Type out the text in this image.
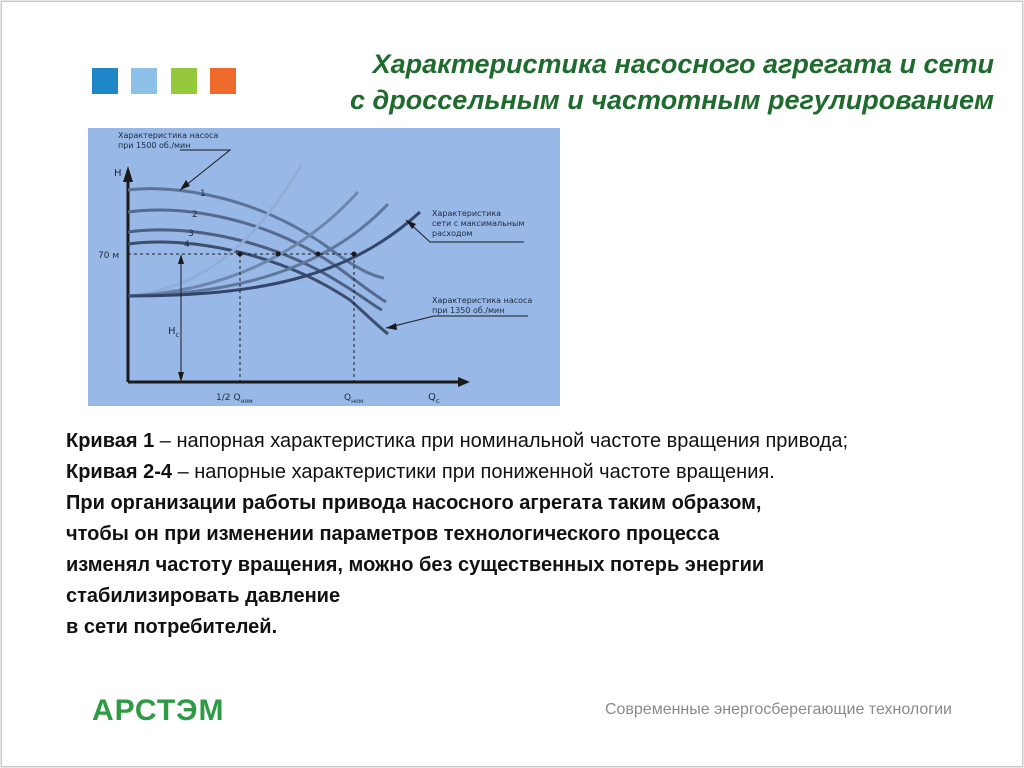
Характеристика насосного агрегата и сети
с дроссельным и частотным регулированием
Характеристика насоса
при 1500 об./мин
Характеристика
сети с максимальным
расходом
Характеристика насоса
при 1350 об./мин
1
2
3
4
H
70 м
$H_с$
1/2 $Q_{ном}$	$Q_{ном}$	$Q_с$

Кривая 1 – напорная характеристика при номинальной частоте вращения привода;

Кривая 2-4 – напорные характеристики при пониженной частоте вращения.

При организации работы привода насосного агрегата таким образом,

чтобы он при изменении параметров технологического процесса

изменял частоту вращения, можно без существенных потерь энергии

стабилизировать давление

в сети потребителей.

АРСТЭМ	Современные энергосберегающие технологии
